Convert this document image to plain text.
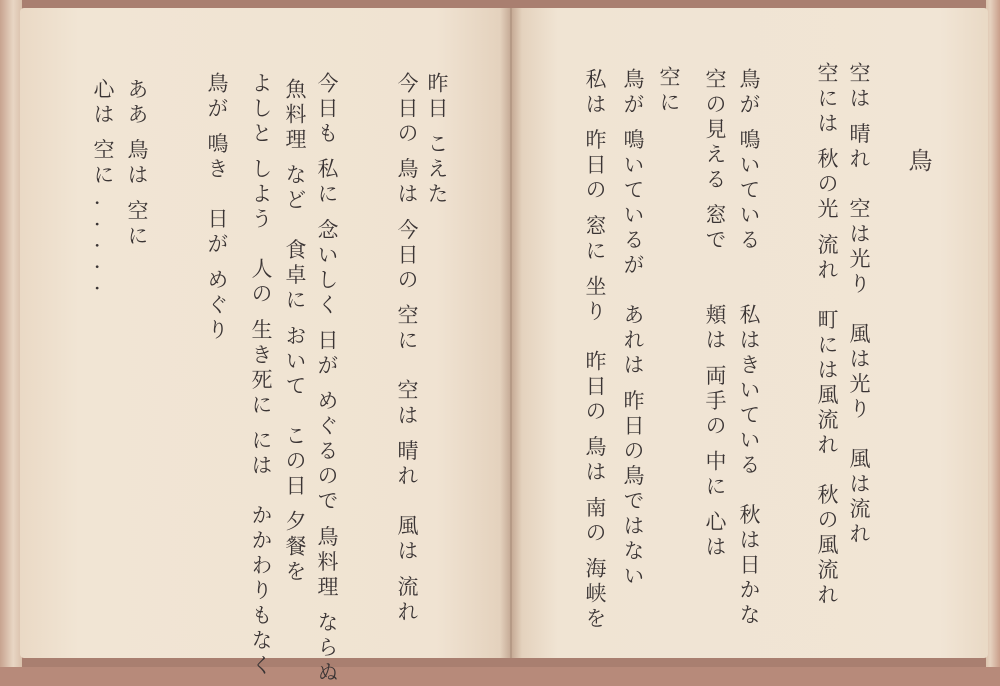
昨日 こえた
今日の 鳥は 今日の 空に　空は 晴れ　風は 流れ
今日も 私に 念いしく 日が めぐるので 鳥料理 ならぬ
魚料理 など　食卓に おいて　この日 夕餐を
よしと しよう　人の 生き死に には　かかわりもなく
鳥が 鳴き　日が めぐり
ああ 鳥は 空に
心は 空に . . . . .	鳥
空は 晴れ　空は光り　風は光り　風は流れ
空には 秋の光 流れ　町には風流れ　秋の風流れ
鳥が 鳴いている　　私はきいている　秋は日かな
空の見える 窓で　　頬は 両手の 中に 心は
空に
鳥が 鳴いているが　あれは 昨日の鳥ではない
私は 昨日の 窓に 坐り　昨日の 鳥は 南の 海峡を
